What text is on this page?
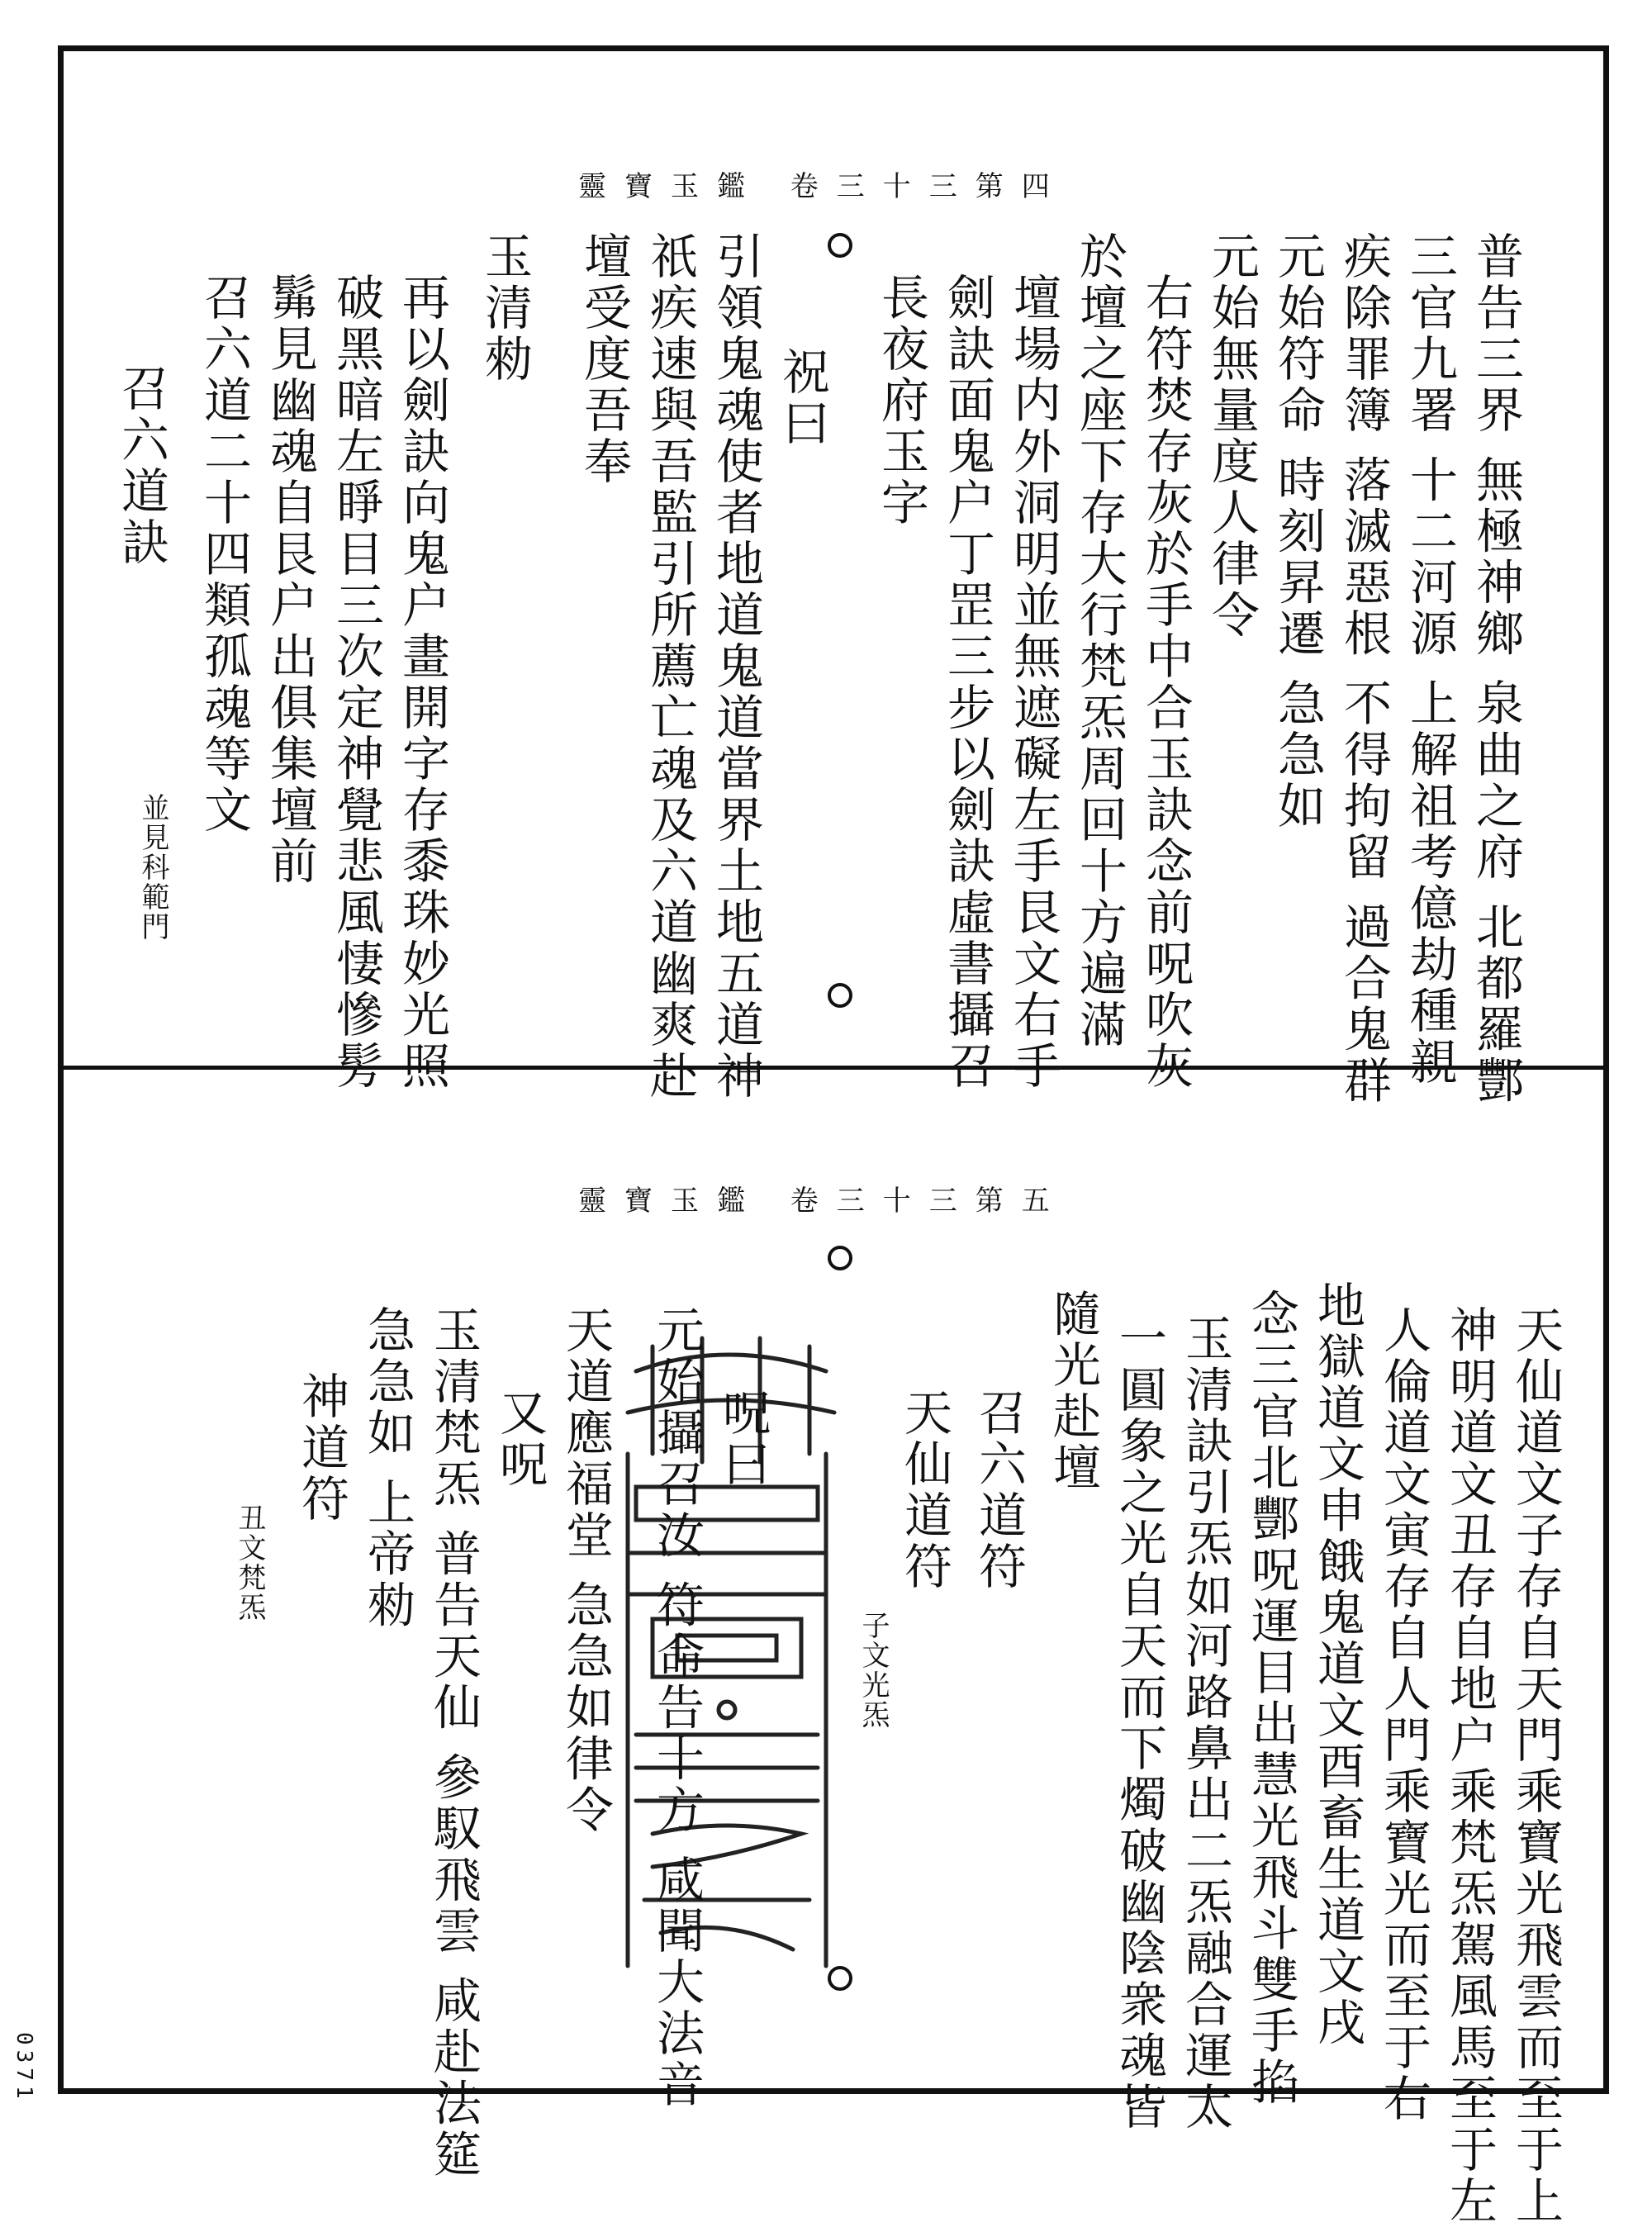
靈寶玉鑑 卷三十三第四
普告三界 無極神鄉 泉曲之府 北都羅酆
三官九署 十二河源 上解祖考億劫種親
疾除罪簿 落滅惡根 不得拘留 過合鬼群
元始符命 時刻昇遷 急急如
元始無量度人律令
右符焚存灰於手中合玉訣念前呪吹灰
於壇之座下存大行梵炁周回十方遍滿
壇場内外洞明並無遮礙左手艮文右手
劍訣面鬼户丁罡三步以劍訣虛書攝召
長夜府玉字
祝曰
引領鬼魂使者地道鬼道當界土地五道神
祇疾速與吾監引所薦亡魂及六道幽爽赴
壇受度吾奉
玉清勑
再以劍訣向鬼户畫開字存黍珠妙光照
破黑暗左睜目三次定神覺悲風悽慘髣
髴見幽魂自艮户出俱集壇前
召六道二十四類孤魂等文
並見科範門
召六道訣
靈寶玉鑑 卷三十三第五
天仙道文子存自天門乘寶光飛雲而至于上
神明道文丑存自地户乘梵炁駕風馬至于左
人倫道文寅存自人門乘寶光而至于右
地獄道文申餓鬼道文酉畜生道文戌
念三官北酆呪運目出慧光飛斗雙手掐
玉清訣引炁如河路鼻出二炁融合運太
一圓象之光自天而下燭破幽陰衆魂皆
隨光赴壇
召六道符
天仙道符
子文光炁
呪曰
元始攝召汝 符命告十方 咸聞大法音
天道應福堂 急急如律令
又呪
玉清梵炁 普告天仙 參馭飛雲 咸赴法筵
急急如 上帝勑
神道符
丑文梵炁
0371
